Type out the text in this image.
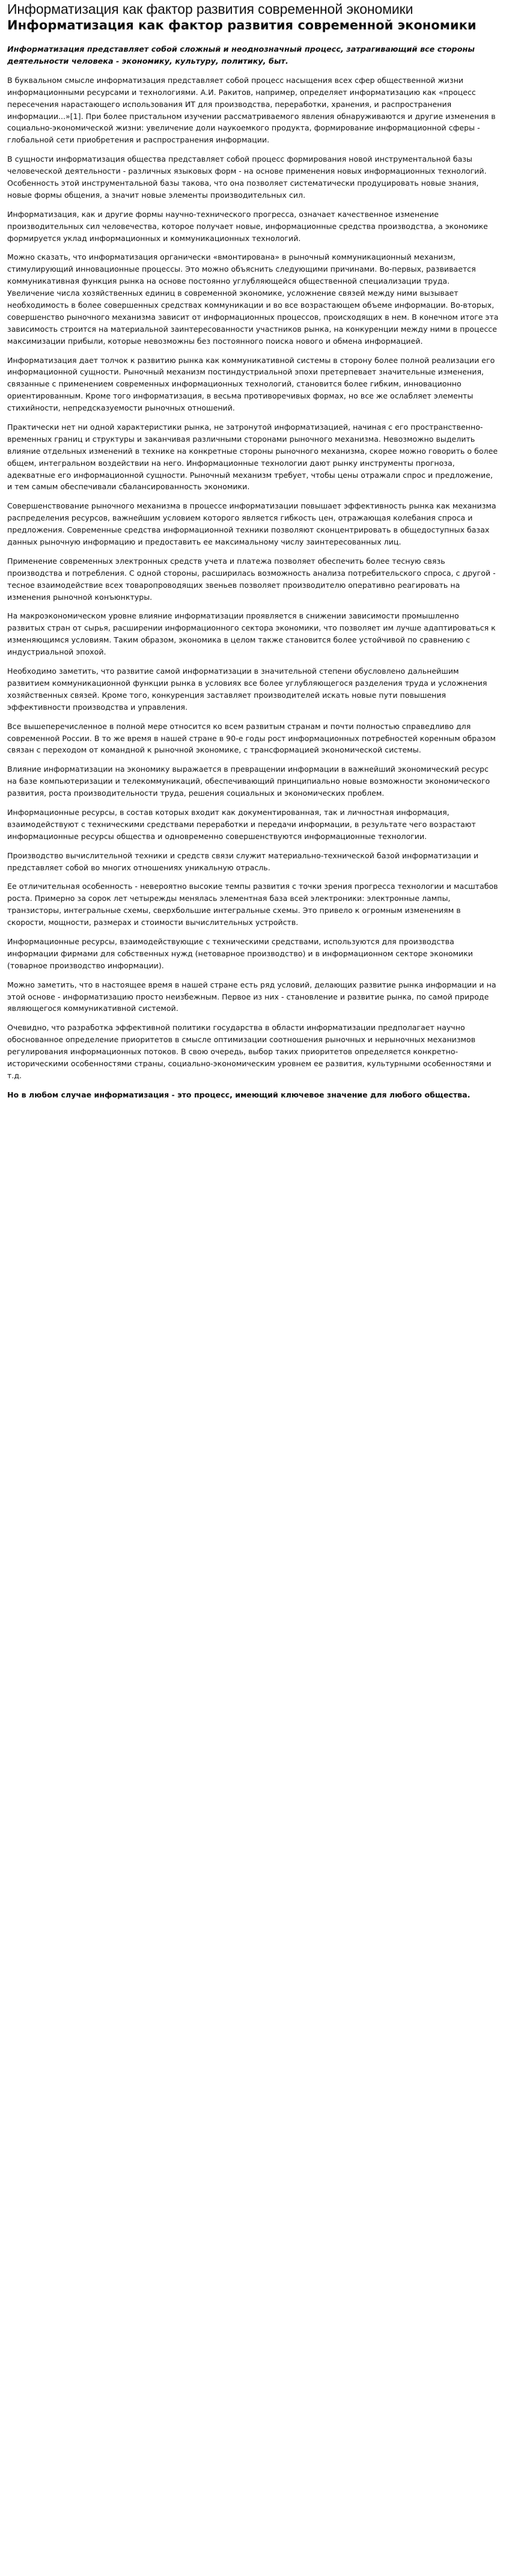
Информатизация как фактор развития современной экономики
Информатизация как фактор развития современной экономики

Информатизация представляет собой сложный и неоднозначный процесс, затрагивающий все стороны деятельности человека - экономику, культуру, политику, быт.

В буквальном смысле информатизация представляет собой процесс насыщения всех сфер общественной жизни информационными ресурсами и технологиями. А.И. Ракитов, например, определяет информатизацию как «процесс пересечения нарастающего использования ИТ для производства, переработки, хранения, и распространения информации...»[1]. При более пристальном изучении рассматриваемого явления обнаруживаются и другие изменения в социально-экономической жизни: увеличение доли наукоемкого продукта, формирование информационной сферы - глобальной сети приобретения и распространения информации.

В сущности информатизация общества представляет собой процесс формирования новой инструментальной базы человеческой деятельности - различных языковых форм - на основе применения новых информационных технологий. Особенность этой инструментальной базы такова, что она позволяет систематически продуцировать новые знания, новые формы общения, а значит новые элементы производительных сил.

Информатизация, как и другие формы научно-технического прогресса, означает качественное изменение производительных сил человечества, которое получает новые, информационные средства производства, а экономике формируется уклад информационных и коммуникационных технологий.

Можно сказать, что информатизация органически «вмонтирована» в рыночный коммуникационный механизм, стимулирующий инновационные процессы. Это можно объяснить следующими причинами. Во-первых, развивается коммуникативная функция рынка на основе постоянно углубляющейся общественной специализации труда. Увеличение числа хозяйственных единиц в современной экономике, усложнение связей между ними вызывает необходимость в более совершенных средствах коммуникации и во все возрастающем объеме информации. Во-вторых, совершенство рыночного механизма зависит от информационных процессов, происходящих в нем. В конечном итоге эта зависимость строится на материальной заинтересованности участников рынка, на конкуренции между ними в процессе максимизации прибыли, которые невозможны без постоянного поиска нового и обмена информацией.

Информатизация дает толчок к развитию рынка как коммуникативной системы в сторону более полной реализации его информационной сущности. Рыночный механизм постиндустриальной эпохи претерпевает значительные изменения, связанные с применением современных информационных технологий, становится более гибким, инновационно ориентированным. Кроме того информатизация, в весьма противоречивых формах, но все же ослабляет элементы стихийности, непредсказуемости рыночных отношений.

Практически нет ни одной характеристики рынка, не затронутой информатизацией, начиная с его пространственно-временных границ и структуры и заканчивая различными сторонами рыночного механизма. Невозможно выделить влияние отдельных изменений в технике на конкретные стороны рыночного механизма, скорее можно говорить о более общем, интегральном воздействии на него. Информационные технологии дают рынку инструменты прогноза, адекватные его информационной сущности. Рыночный механизм требует, чтобы цены отражали спрос и предложение, и тем самым обеспечивали сбалансированность экономики.

Совершенствование рыночного механизма в процессе информатизации повышает эффективность рынка как механизма распределения ресурсов, важнейшим условием которого является гибкость цен, отражающая колебания спроса и предложения. Современные средства информационной техники позволяют сконцентрировать в общедоступных базах данных рыночную информацию и предоставить ее максимальному числу заинтересованных лиц.

Применение современных электронных средств учета и платежа позволяет обеспечить более тесную связь производства и потребления. С одной стороны, расширилась возможность анализа потребительского спроса, с другой - тесное взаимодействие всех товаропроводящих звеньев позволяет производителю оперативно реагировать на изменения рыночной конъюнктуры.

На макроэкономическом уровне влияние информатизации проявляется в снижении зависимости промышленно развитых стран от сырья, расширении информационного сектора экономики, что позволяет им лучше адаптироваться к изменяющимся условиям. Таким образом, экономика в целом также становится более устойчивой по сравнению с индустриальной эпохой.

Необходимо заметить, что развитие самой информатизации в значительной степени обусловлено дальнейшим развитием коммуникационной функции рынка в условиях все более углубляющегося разделения труда и усложнения хозяйственных связей. Кроме того, конкуренция заставляет производителей искать новые пути повышения эффективности производства и управления.

Все вышеперечисленное в полной мере относится ко всем развитым странам и почти полностью справедливо для современной России. В то же время в нашей стране в 90-е годы рост информационных потребностей коренным образом связан с переходом от командной к рыночной экономике, с трансформацией экономической системы.

Влияние информатизации на экономику выражается в превращении информации в важнейший экономический ресурс на базе компьютеризации и телекоммуникаций, обеспечивающий принципиально новые возможности экономического развития, роста производительности труда, решения социальных и экономических проблем.

Информационные ресурсы, в состав которых входит как документированная, так и личностная информация, взаимодействуют с техническими средствами переработки и передачи информации, в результате чего возрастают информационные ресурсы общества и одновременно совершенствуются информационные технологии.

Производство вычислительной техники и средств связи служит материально-технической базой информатизации и представляет собой во многих отношениях уникальную отрасль.

Ее отличительная особенность - невероятно высокие темпы развития с точки зрения прогресса технологии и масштабов роста. Примерно за сорок лет четырежды менялась элементная база всей электроники: электронные лампы, транзисторы, интегральные схемы, сверхбольшие интегральные схемы. Это привело к огромным изменениям в скорости, мощности, размерах и стоимости вычислительных устройств.

Информационные ресурсы, взаимодействующие с техническими средствами, используются для производства информации фирмами для собственных нужд (нетоварное производство) и в информационном секторе экономики (товарное производство информации).

Можно заметить, что в настоящее время в нашей стране есть ряд условий, делающих развитие рынка информации и на этой основе - информатизацию просто неизбежным. Первое из них - становление и развитие рынка, по самой природе являющегося коммуникативной системой.

Очевидно, что разработка эффективной политики государства в области информатизации предполагает научно обоснованное определение приоритетов в смысле оптимизации соотношения рыночных и нерыночных механизмов регулирования информационных потоков. В свою очередь, выбор таких приоритетов определяется конкретно-историческими особенностями страны, социально-экономическим уровнем ее развития, культурными особенностями и т.д.

Но в любом случае информатизация - это процесс, имеющий ключевое значение для любого общества.
